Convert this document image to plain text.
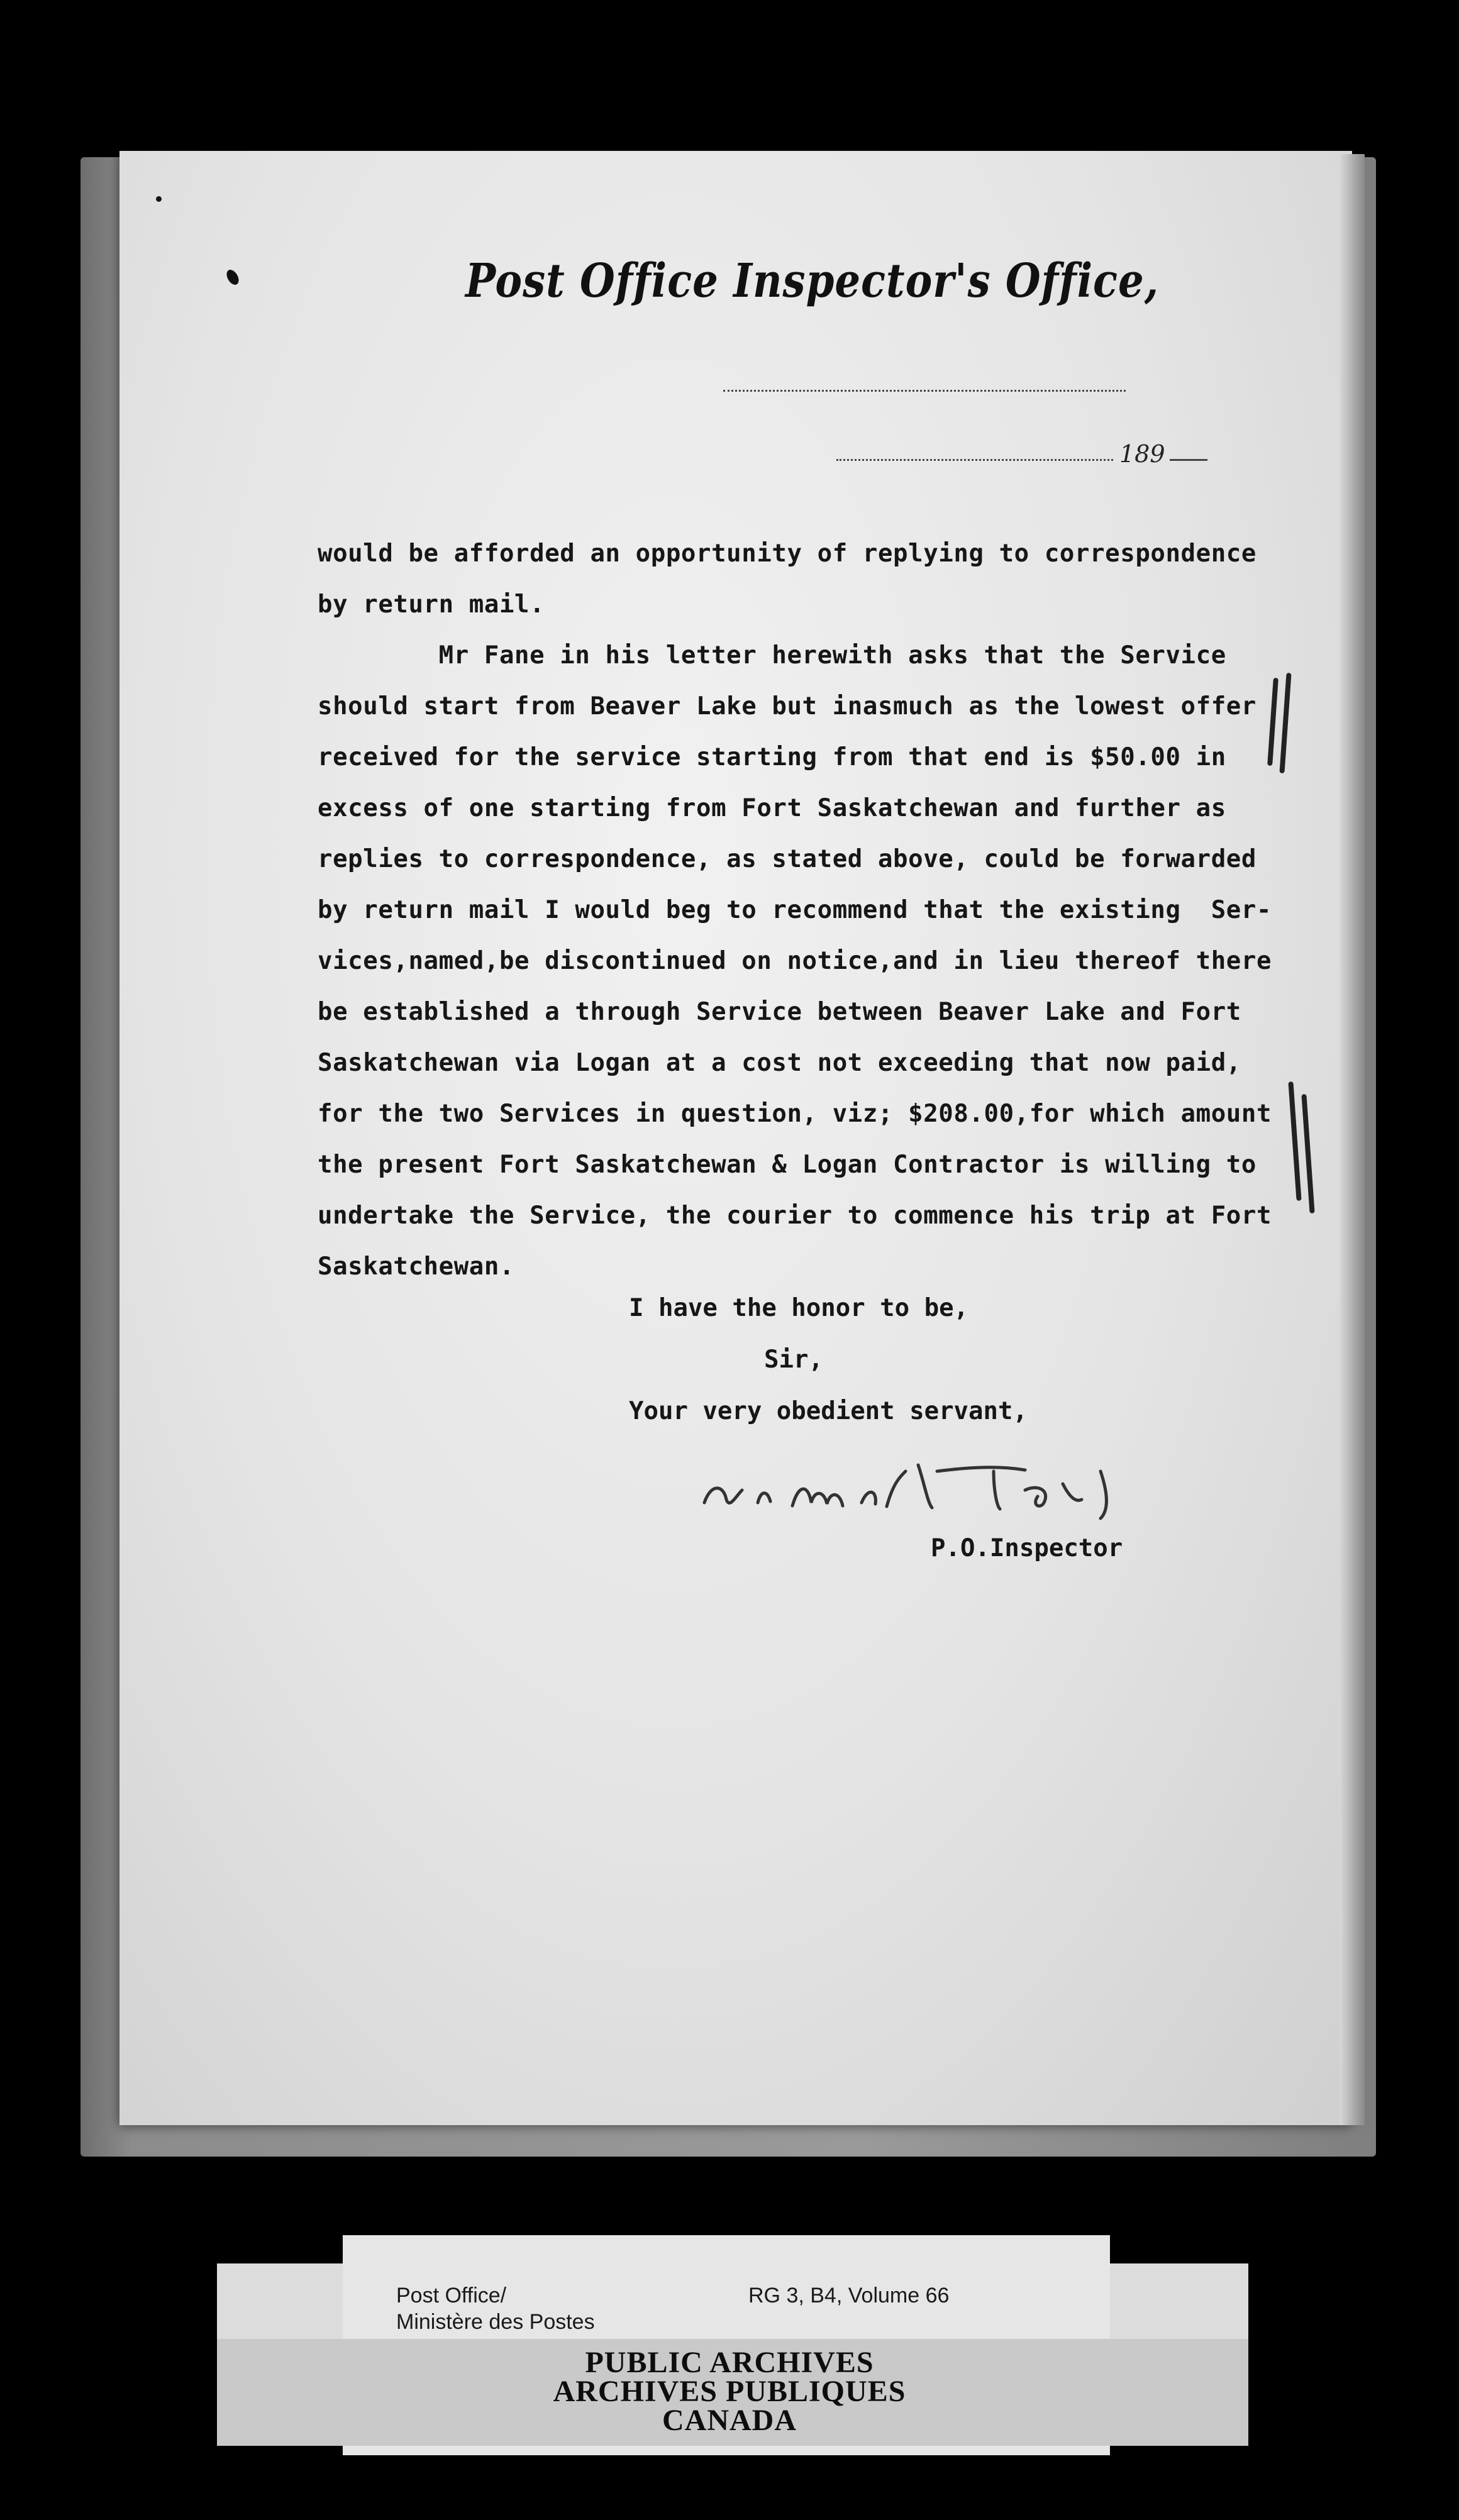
Post Office Inspector's Office,
189

would be afforded an opportunity of replying to correspondence

by return mail.

Mr Fane in his letter herewith asks that the Service

should start from Beaver Lake but inasmuch as the lowest offer

received for the service starting from that end is $50.00 in

excess of one starting from Fort Saskatchewan and further as

replies to correspondence, as stated above, could be forwarded

by return mail I would beg to recommend that the existing  Ser-

vices,named,be discontinued on notice,and in lieu thereof there

be established a through Service between Beaver Lake and Fort

Saskatchewan via Logan at a cost not exceeding that now paid,

for the two Services in question, viz; $208.00,for which amount

the present Fort Saskatchewan & Logan Contractor is willing to

undertake the Service, the courier to commence his trip at Fort

Saskatchewan.

I have the honor to be,
Sir,
Your very obedient servant,
P.O.Inspector
Post Office/
Ministère des Postes
RG 3, B4, Volume 66
PUBLIC ARCHIVES
ARCHIVES PUBLIQUES
CANADA
